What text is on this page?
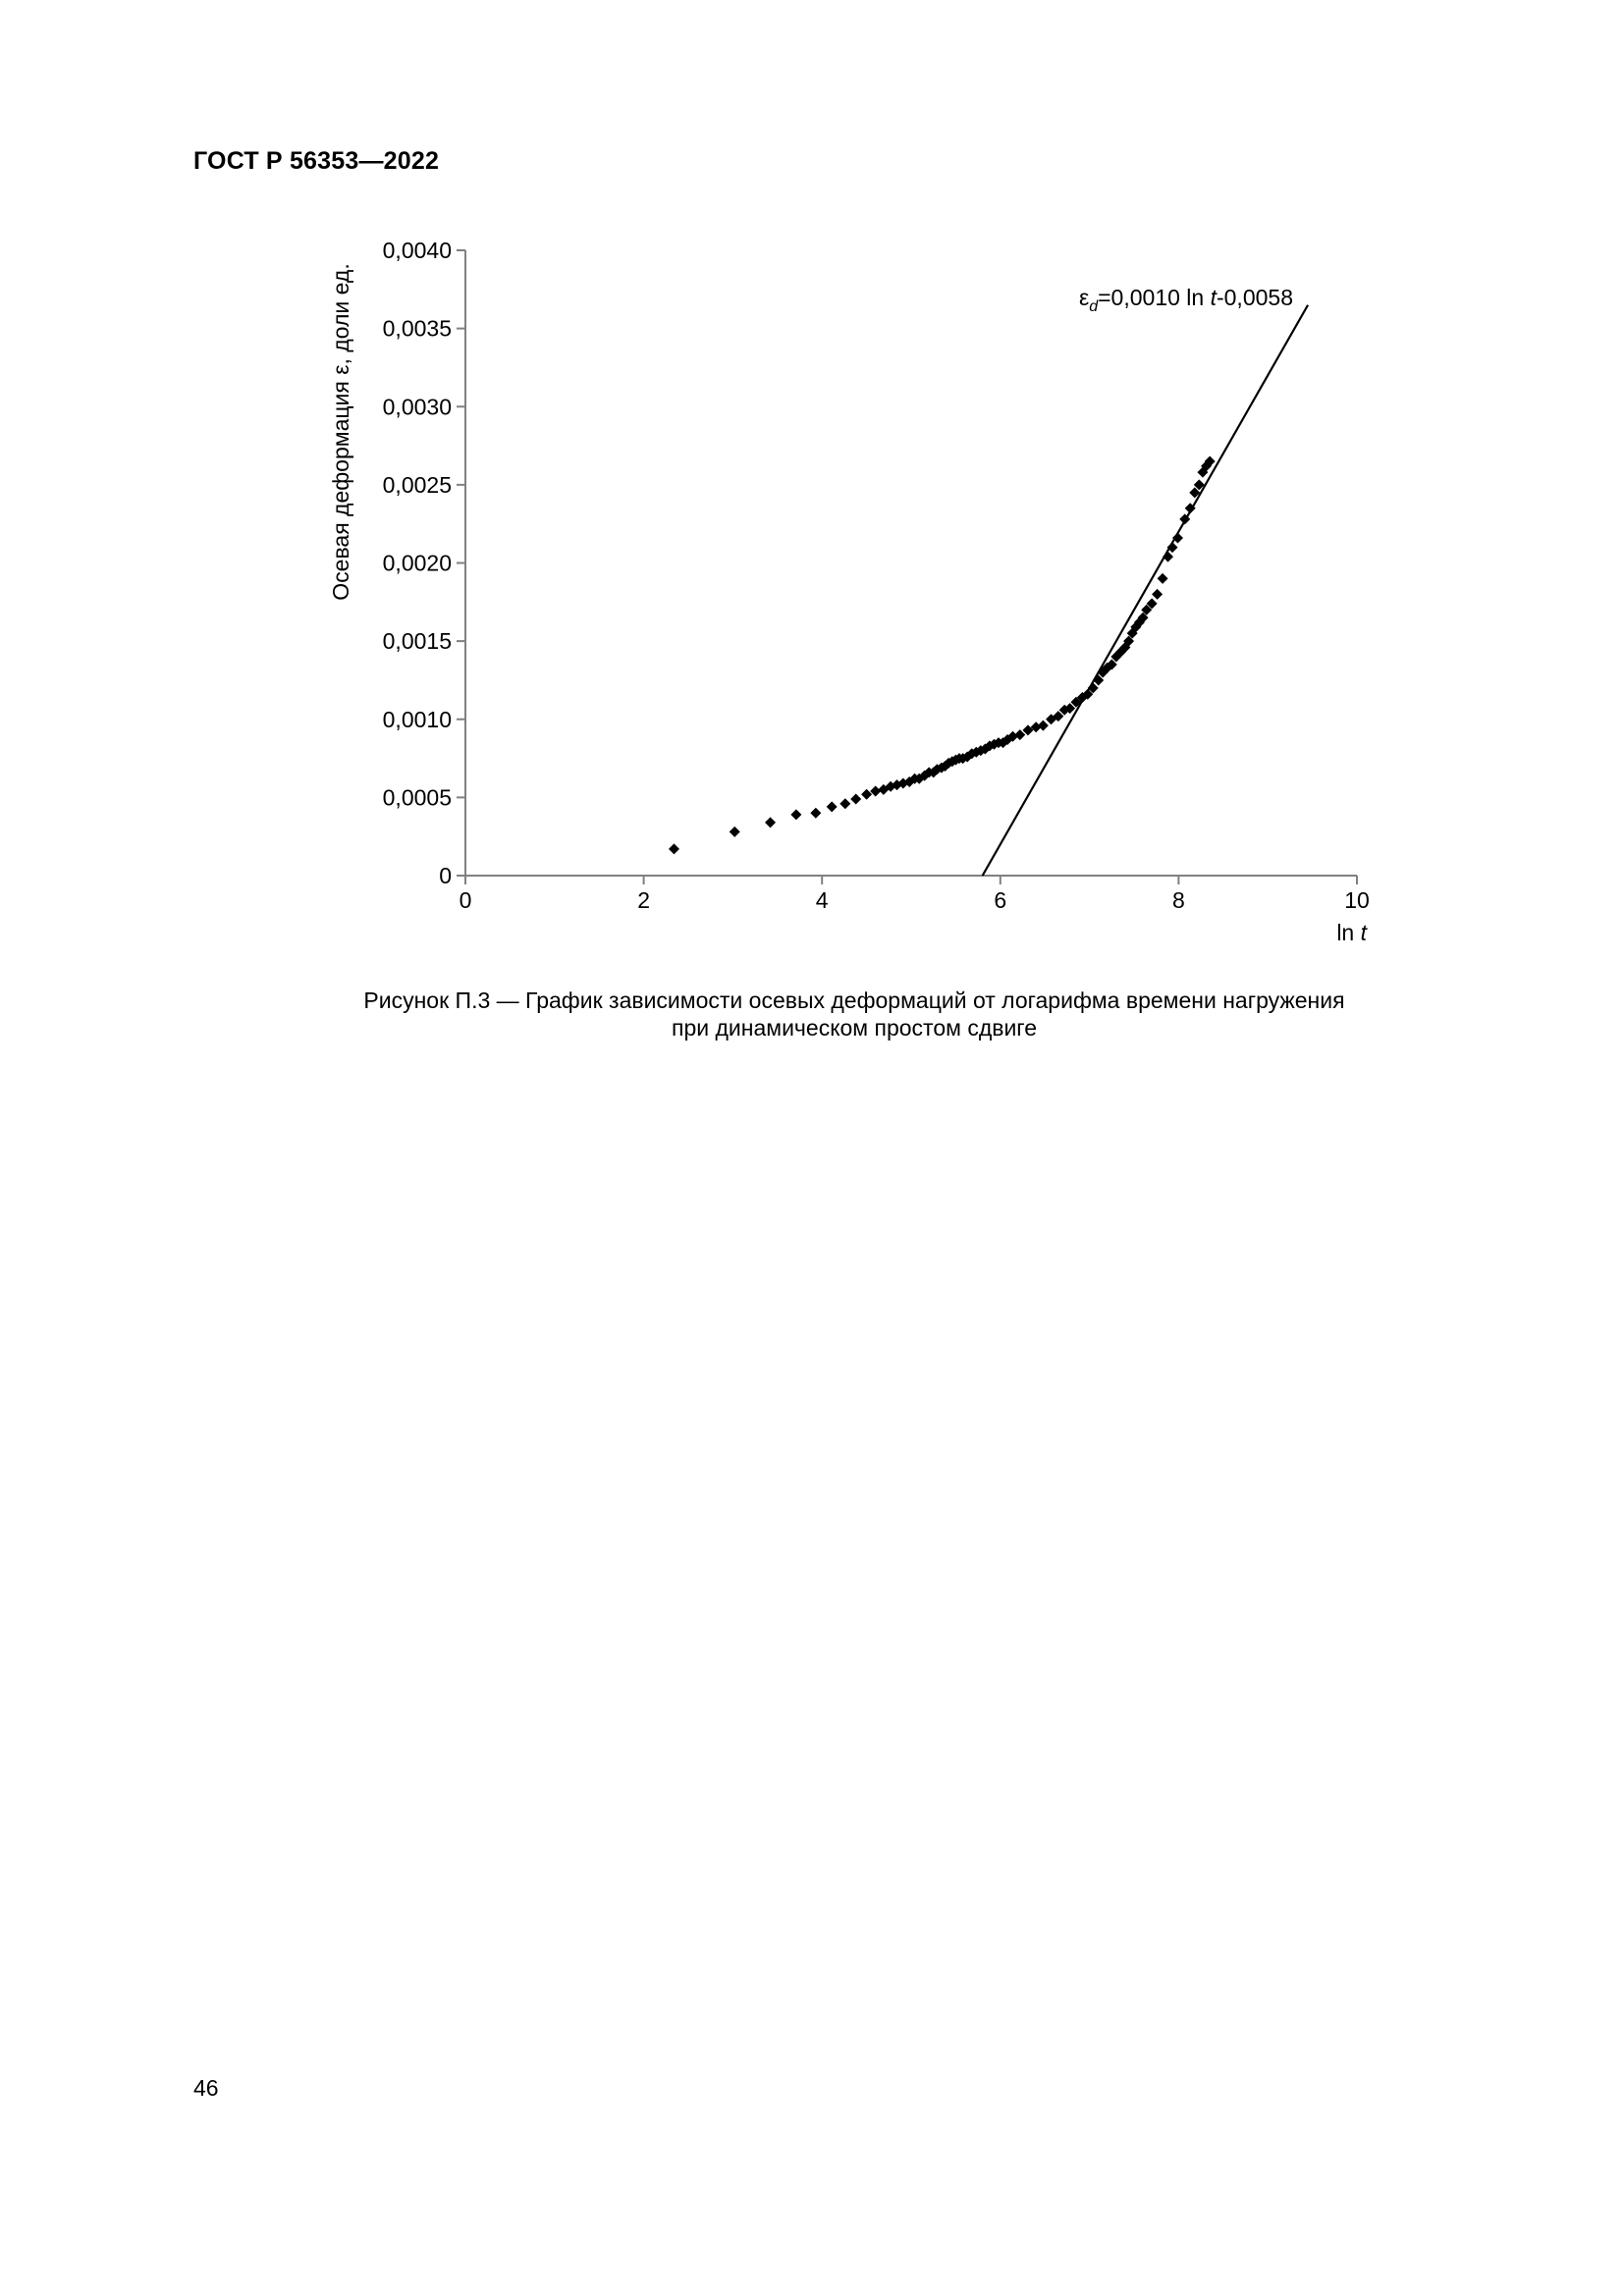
ГОСТ Р 56353—2022
0
0,0005
0,0010
0,0015
0,0020
0,0025
0,0030
0,0035
0,0040
0	2	4	6	8	10
$\varepsilon_d=0,0010$ ln t-0,0058
ln t
Осевая деформация ε, доли ед.
Рисунок П.3 — График зависимости осевых деформаций от логарифма времени нагружения
при динамическом простом сдвиге
46
